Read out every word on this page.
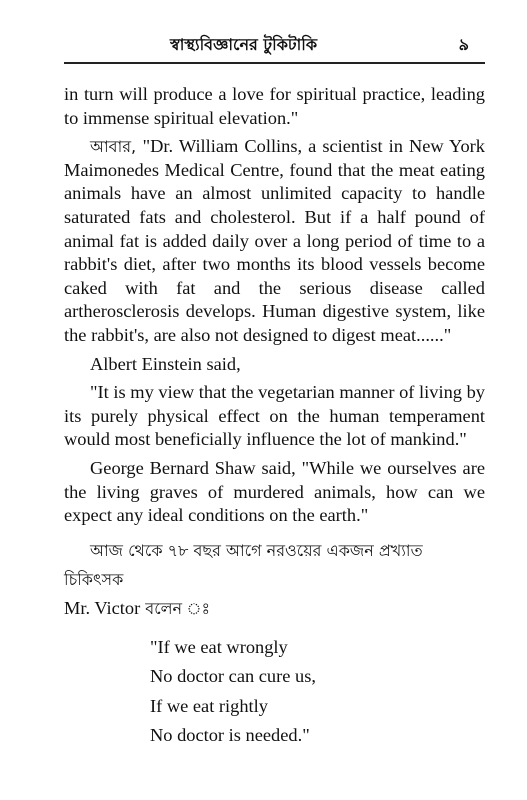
স্বাস্থ্যবিজ্ঞানের টুকিটাকি	৯

in turn will produce a love for spiritual practice, leading to immense spiritual elevation."

আবার, "Dr. William Collins, a scientist in New York Maimonedes Medical Centre, found that the meat eating animals have an almost unlimited capacity to handle saturated fats and cholesterol. But if a half pound of animal fat is added daily over a long period of time to a rabbit's diet, after two months its blood vessels become caked with fat and the serious disease called artherosclerosis develops. Human digestive system, like the rabbit's, are also not designed to digest meat......"

Albert Einstein said,

"It is my view that the vegetarian manner of living by its purely physical effect on the human temperament would most beneficially influence the lot of mankind."

George Bernard Shaw said, "While we ourselves are the living graves of murdered animals, how can we expect any ideal conditions on the earth."

আজ থেকে ৭৮ বছর আগে নরওয়ের একজন প্রখ্যাত চিকিৎসক
Mr. Victor বলেন ঃ
"If we eat wrongly
No doctor can cure us,
If we eat rightly
No doctor is needed."
